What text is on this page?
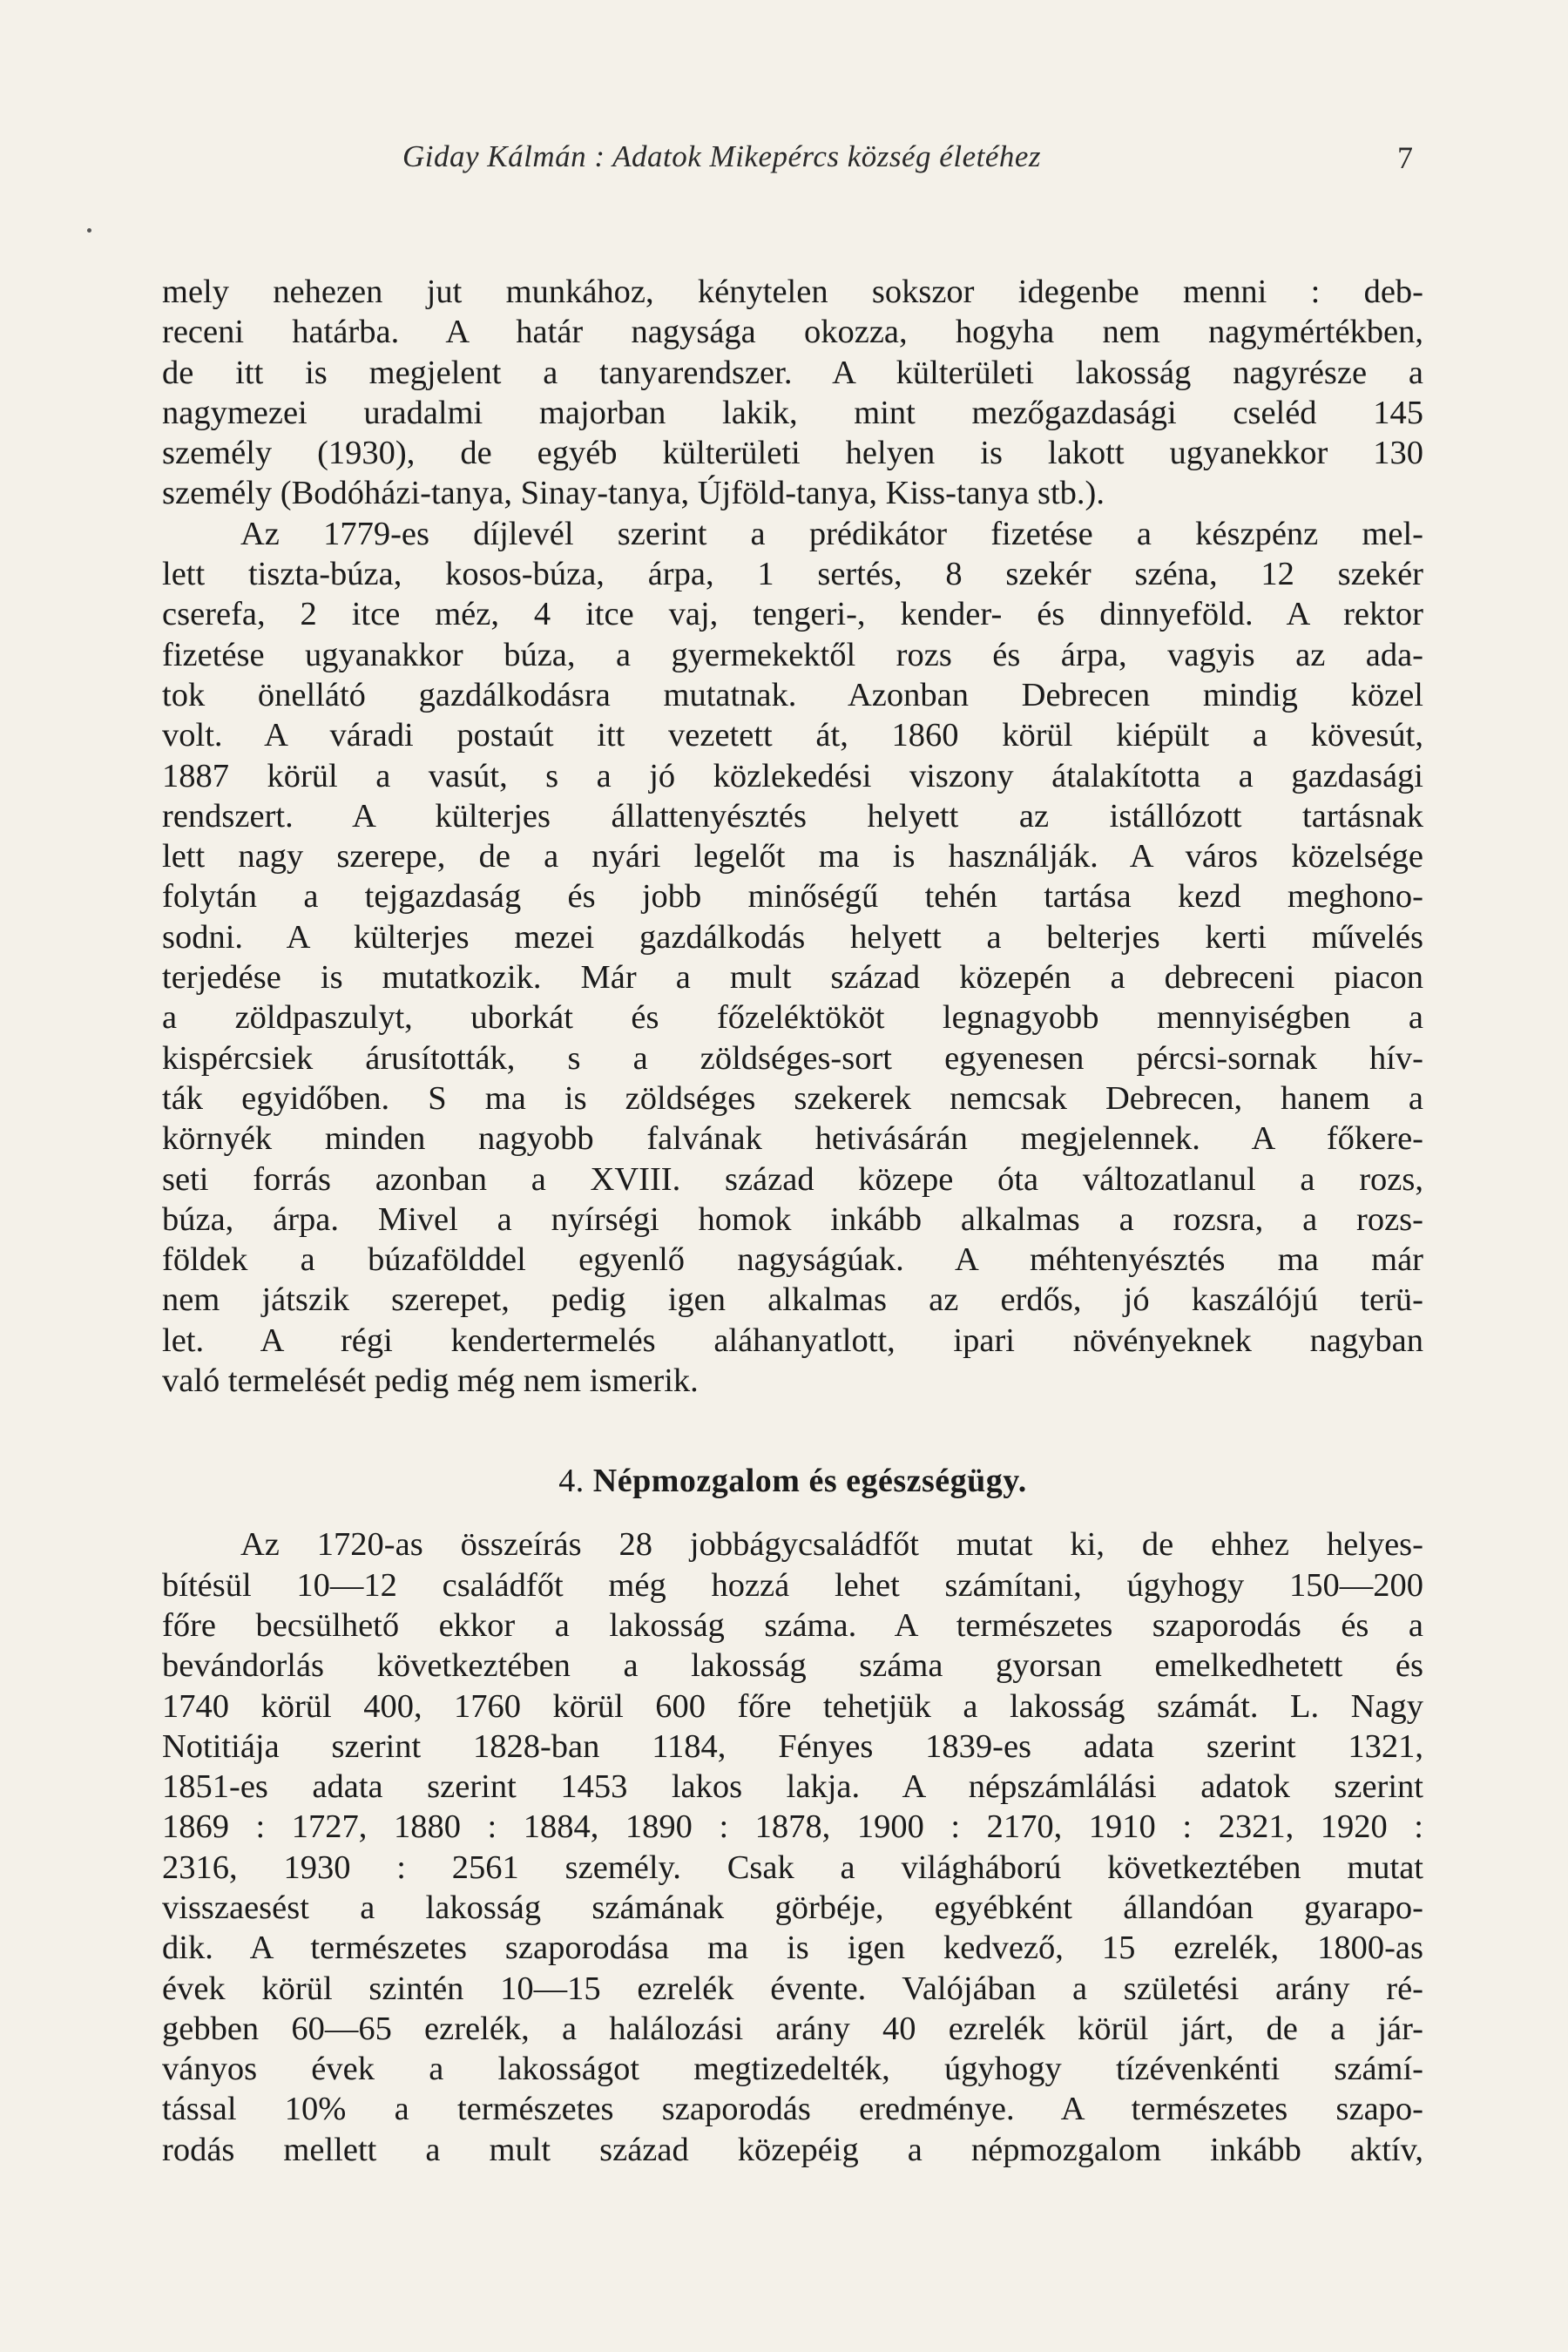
Giday Kálmán : Adatok Mikepércs község életéhez	7
mely nehezen jut munkához, kénytelen sokszor idegenbe menni : deb-
receni határba. A határ nagysága okozza, hogyha nem nagymértékben,
de itt is megjelent a tanyarendszer. A külterületi lakosság nagyrésze a
nagymezei uradalmi majorban lakik, mint mezőgazdasági cseléd 145
személy (1930), de egyéb külterületi helyen is lakott ugyanekkor 130
személy (Bodóházi-tanya, Sinay-tanya, Újföld-tanya, Kiss-tanya stb.).
Az 1779-es díjlevél szerint a prédikátor fizetése a készpénz mel-
lett tiszta-búza, kosos-búza, árpa, 1 sertés, 8 szekér széna, 12 szekér
cserefa, 2 itce méz, 4 itce vaj, tengeri-, kender- és dinnyeföld. A rektor
fizetése ugyanakkor búza, a gyermekektől rozs és árpa, vagyis az ada-
tok önellátó gazdálkodásra mutatnak. Azonban Debrecen mindig közel
volt. A váradi postaút itt vezetett át, 1860 körül kiépült a kövesút,
1887 körül a vasút, s a jó közlekedési viszony átalakította a gazdasági
rendszert. A külterjes állattenyésztés helyett az istállózott tartásnak
lett nagy szerepe, de a nyári legelőt ma is használják. A város közelsége
folytán a tejgazdaság és jobb minőségű tehén tartása kezd meghono-
sodni. A külterjes mezei gazdálkodás helyett a belterjes kerti művelés
terjedése is mutatkozik. Már a mult század közepén a debreceni piacon
a zöldpaszulyt, uborkát és főzeléktököt legnagyobb mennyiségben a
kispércsiek árusították, s a zöldséges-sort egyenesen pércsi-sornak hív-
ták egyidőben. S ma is zöldséges szekerek nemcsak Debrecen, hanem a
környék minden nagyobb falvának hetivásárán megjelennek. A főkere-
seti forrás azonban a XVIII. század közepe óta változatlanul a rozs,
búza, árpa. Mivel a nyírségi homok inkább alkalmas a rozsra, a rozs-
földek a búzafölddel egyenlő nagyságúak. A méhtenyésztés ma már
nem játszik szerepet, pedig igen alkalmas az erdős, jó kaszálójú terü-
let. A régi kendertermelés aláhanyatlott, ipari növényeknek nagyban
való termelését pedig még nem ismerik.
4. Népmozgalom és egészségügy.
Az 1720-as összeírás 28 jobbágycsaládfőt mutat ki, de ehhez helyes-
bítésül 10—12 családfőt még hozzá lehet számítani, úgyhogy 150—200
főre becsülhető ekkor a lakosság száma. A természetes szaporodás és a
bevándorlás következtében a lakosság száma gyorsan emelkedhetett és
1740 körül 400, 1760 körül 600 főre tehetjük a lakosság számát. L. Nagy
Notitiája szerint 1828-ban 1184, Fényes 1839-es adata szerint 1321,
1851-es adata szerint 1453 lakos lakja. A népszámlálási adatok szerint
1869 : 1727, 1880 : 1884, 1890 : 1878, 1900 : 2170, 1910 : 2321, 1920 :
2316, 1930 : 2561 személy. Csak a világháború következtében mutat
visszaesést a lakosság számának görbéje, egyébként állandóan gyarapo-
dik. A természetes szaporodása ma is igen kedvező, 15 ezrelék, 1800-as
évek körül szintén 10—15 ezrelék évente. Valójában a születési arány ré-
gebben 60—65 ezrelék, a halálozási arány 40 ezrelék körül járt, de a jár-
ványos évek a lakosságot megtizedelték, úgyhogy tízévenkénti számí-
tással 10% a természetes szaporodás eredménye. A természetes szapo-
rodás mellett a mult század közepéig a népmozgalom inkább aktív,
